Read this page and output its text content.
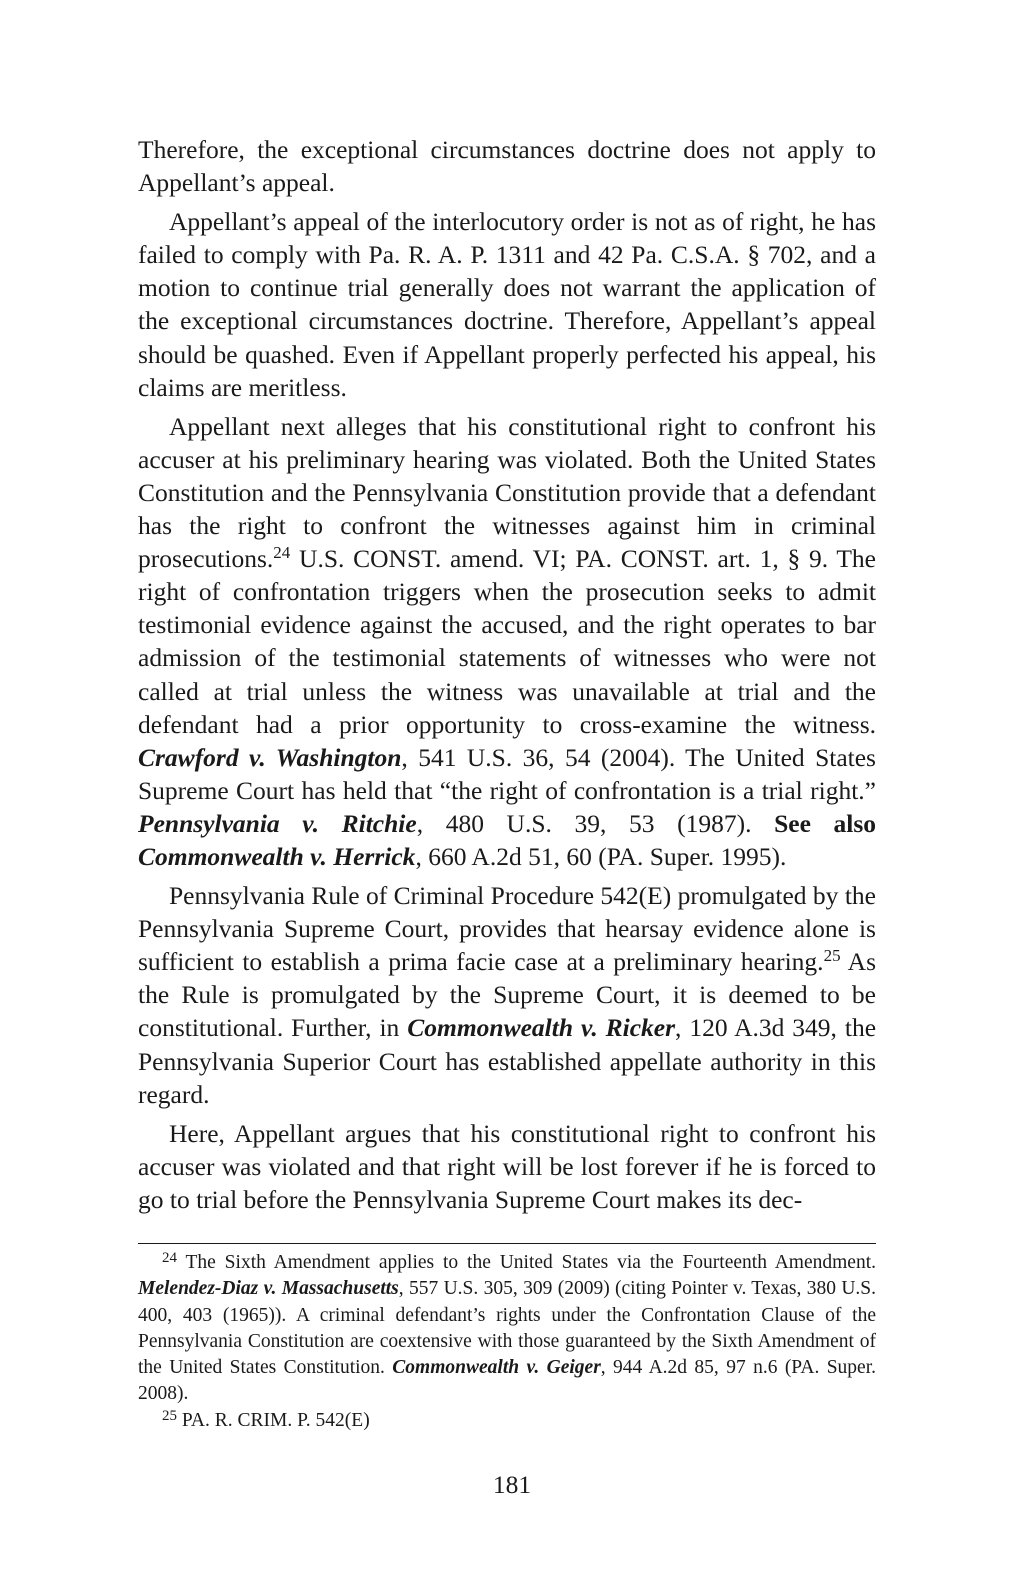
Therefore, the exceptional circumstances doctrine does not apply to Appellant’s appeal.

Appellant’s appeal of the interlocutory order is not as of right, he has failed to comply with Pa. R. A. P. 1311 and 42 Pa. C.S.A. § 702, and a motion to continue trial generally does not warrant the application of the exceptional circumstances doctrine. Therefore, Appellant’s appeal should be quashed. Even if Appellant properly perfected his appeal, his claims are meritless.

Appellant next alleges that his constitutional right to confront his accuser at his preliminary hearing was violated. Both the United States Constitution and the Pennsylvania Constitution provide that a defendant has the right to confront the witnesses against him in criminal prosecutions.$^{24}$ U.S. CONST. amend. VI; PA. CONST. art. 1, § 9. The right of confrontation triggers when the prosecution seeks to admit testimonial evidence against the accused, and the right operates to bar admission of the testimonial statements of witnesses who were not called at trial unless the witness was unavailable at trial and the defendant had a prior opportunity to cross-examine the witness. Crawford v. Washington, 541 U.S. 36, 54 (2004). The United States Supreme Court has held that “the right of confrontation is a trial right.” Pennsylvania v. Ritchie, 480 U.S. 39, 53 (1987). See also Commonwealth v. Herrick, 660 A.2d 51, 60 (PA. Super. 1995).

Pennsylvania Rule of Criminal Procedure 542(E) promulgated by the Pennsylvania Supreme Court, provides that hearsay evidence alone is sufficient to establish a prima facie case at a preliminary hearing.$^{25}$ As the Rule is promulgated by the Supreme Court, it is deemed to be constitutional. Further, in Commonwealth v. Ricker, 120 A.3d 349, the Pennsylvania Superior Court has established appellate authority in this regard.

Here, Appellant argues that his constitutional right to confront his accuser was violated and that right will be lost forever if he is forced to go to trial before the Pennsylvania Supreme Court makes its dec-

$^{24}$ The Sixth Amendment applies to the United States via the Fourteenth Amendment. Melendez-Diaz v. Massachusetts, 557 U.S. 305, 309 (2009) (citing Pointer v. Texas, 380 U.S. 400, 403 (1965)). A criminal defendant’s rights under the Confrontation Clause of the Pennsylvania Constitution are coextensive with those guaranteed by the Sixth Amendment of the United States Constitution. Commonwealth v. Geiger, 944 A.2d 85, 97 n.6 (PA. Super. 2008).

$^{25}$ PA. R. CRIM. P. 542(E)

181
